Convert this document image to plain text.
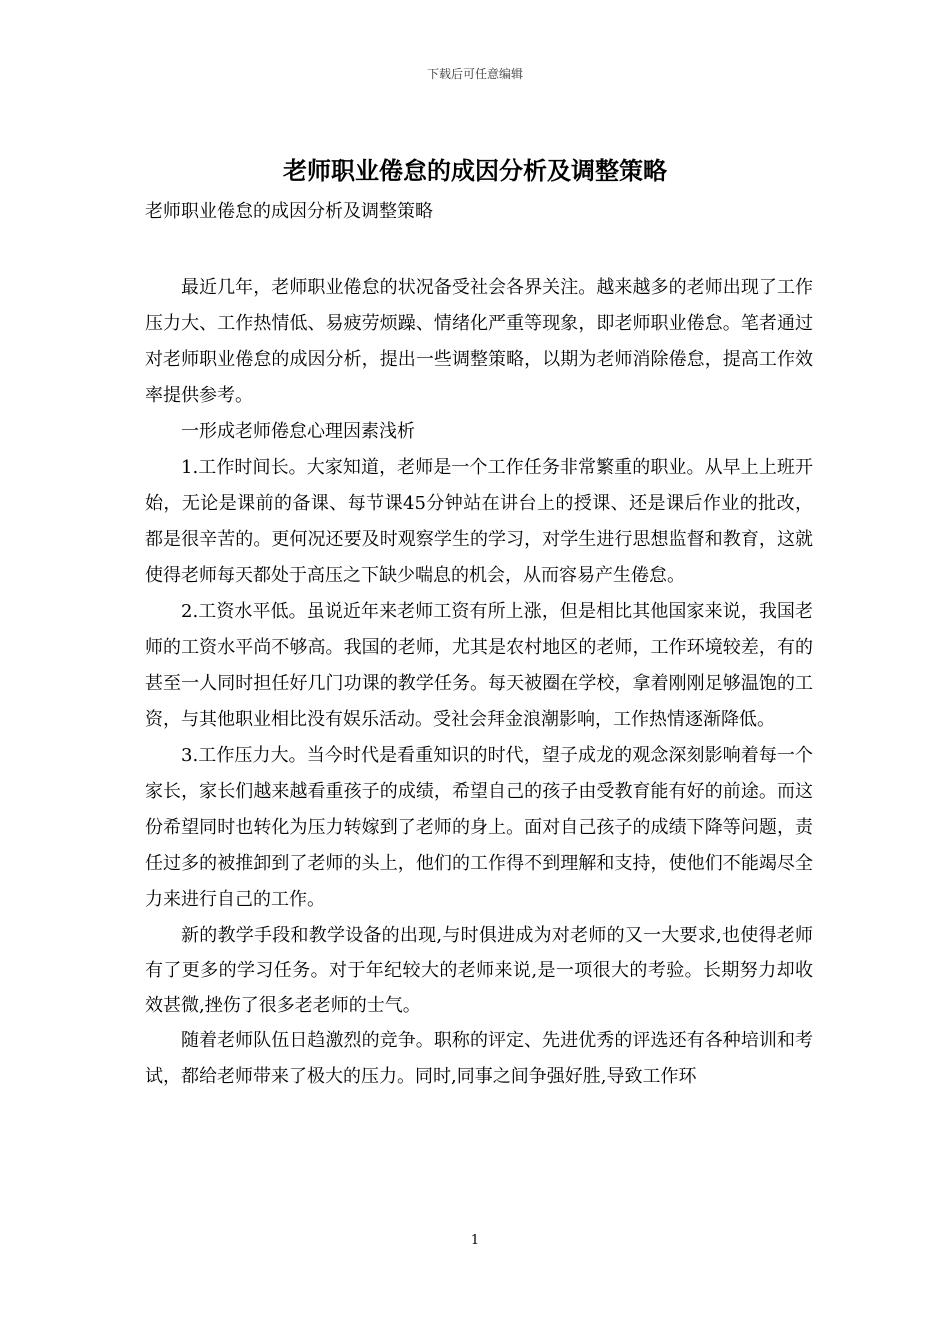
下载后可任意编辑
老师职业倦怠的成因分析及调整策略
老师职业倦怠的成因分析及调整策略

最近几年，老师职业倦怠的状况备受社会各界关注。越来越多的老师出现了工作压力大、工作热情低、易疲劳烦躁、情绪化严重等现象，即老师职业倦怠。笔者通过对老师职业倦怠的成因分析，提出一些调整策略，以期为老师消除倦怠，提高工作效率提供参考。

一形成老师倦怠心理因素浅析

1.工作时间长。大家知道，老师是一个工作任务非常繁重的职业。从早上上班开始，无论是课前的备课、每节课45分钟站在讲台上的授课、还是课后作业的批改，都是很辛苦的。更何况还要及时观察学生的学习，对学生进行思想监督和教育，这就使得老师每天都处于高压之下缺少喘息的机会，从而容易产生倦怠。

2.工资水平低。虽说近年来老师工资有所上涨，但是相比其他国家来说，我国老师的工资水平尚不够高。我国的老师，尤其是农村地区的老师，工作环境较差，有的甚至一人同时担任好几门功课的教学任务。每天被圈在学校，拿着刚刚足够温饱的工资，与其他职业相比没有娱乐活动。受社会拜金浪潮影响，工作热情逐渐降低。

3.工作压力大。当今时代是看重知识的时代，望子成龙的观念深刻影响着每一个家长，家长们越来越看重孩子的成绩，希望自己的孩子由受教育能有好的前途。而这份希望同时也转化为压力转嫁到了老师的身上。面对自己孩子的成绩下降等问题，责任过多的被推卸到了老师的头上，他们的工作得不到理解和支持，使他们不能竭尽全力来进行自己的工作。

新的教学手段和教学设备的出现,与时俱进成为对老师的又一大要求,也使得老师有了更多的学习任务。对于年纪较大的老师来说,是一项很大的考验。长期努力却收效甚微,挫伤了很多老老师的士气。

随着老师队伍日趋激烈的竞争。职称的评定、先进优秀的评选还有各种培训和考试，都给老师带来了极大的压力。同时,同事之间争强好胜,导致工作环

1
